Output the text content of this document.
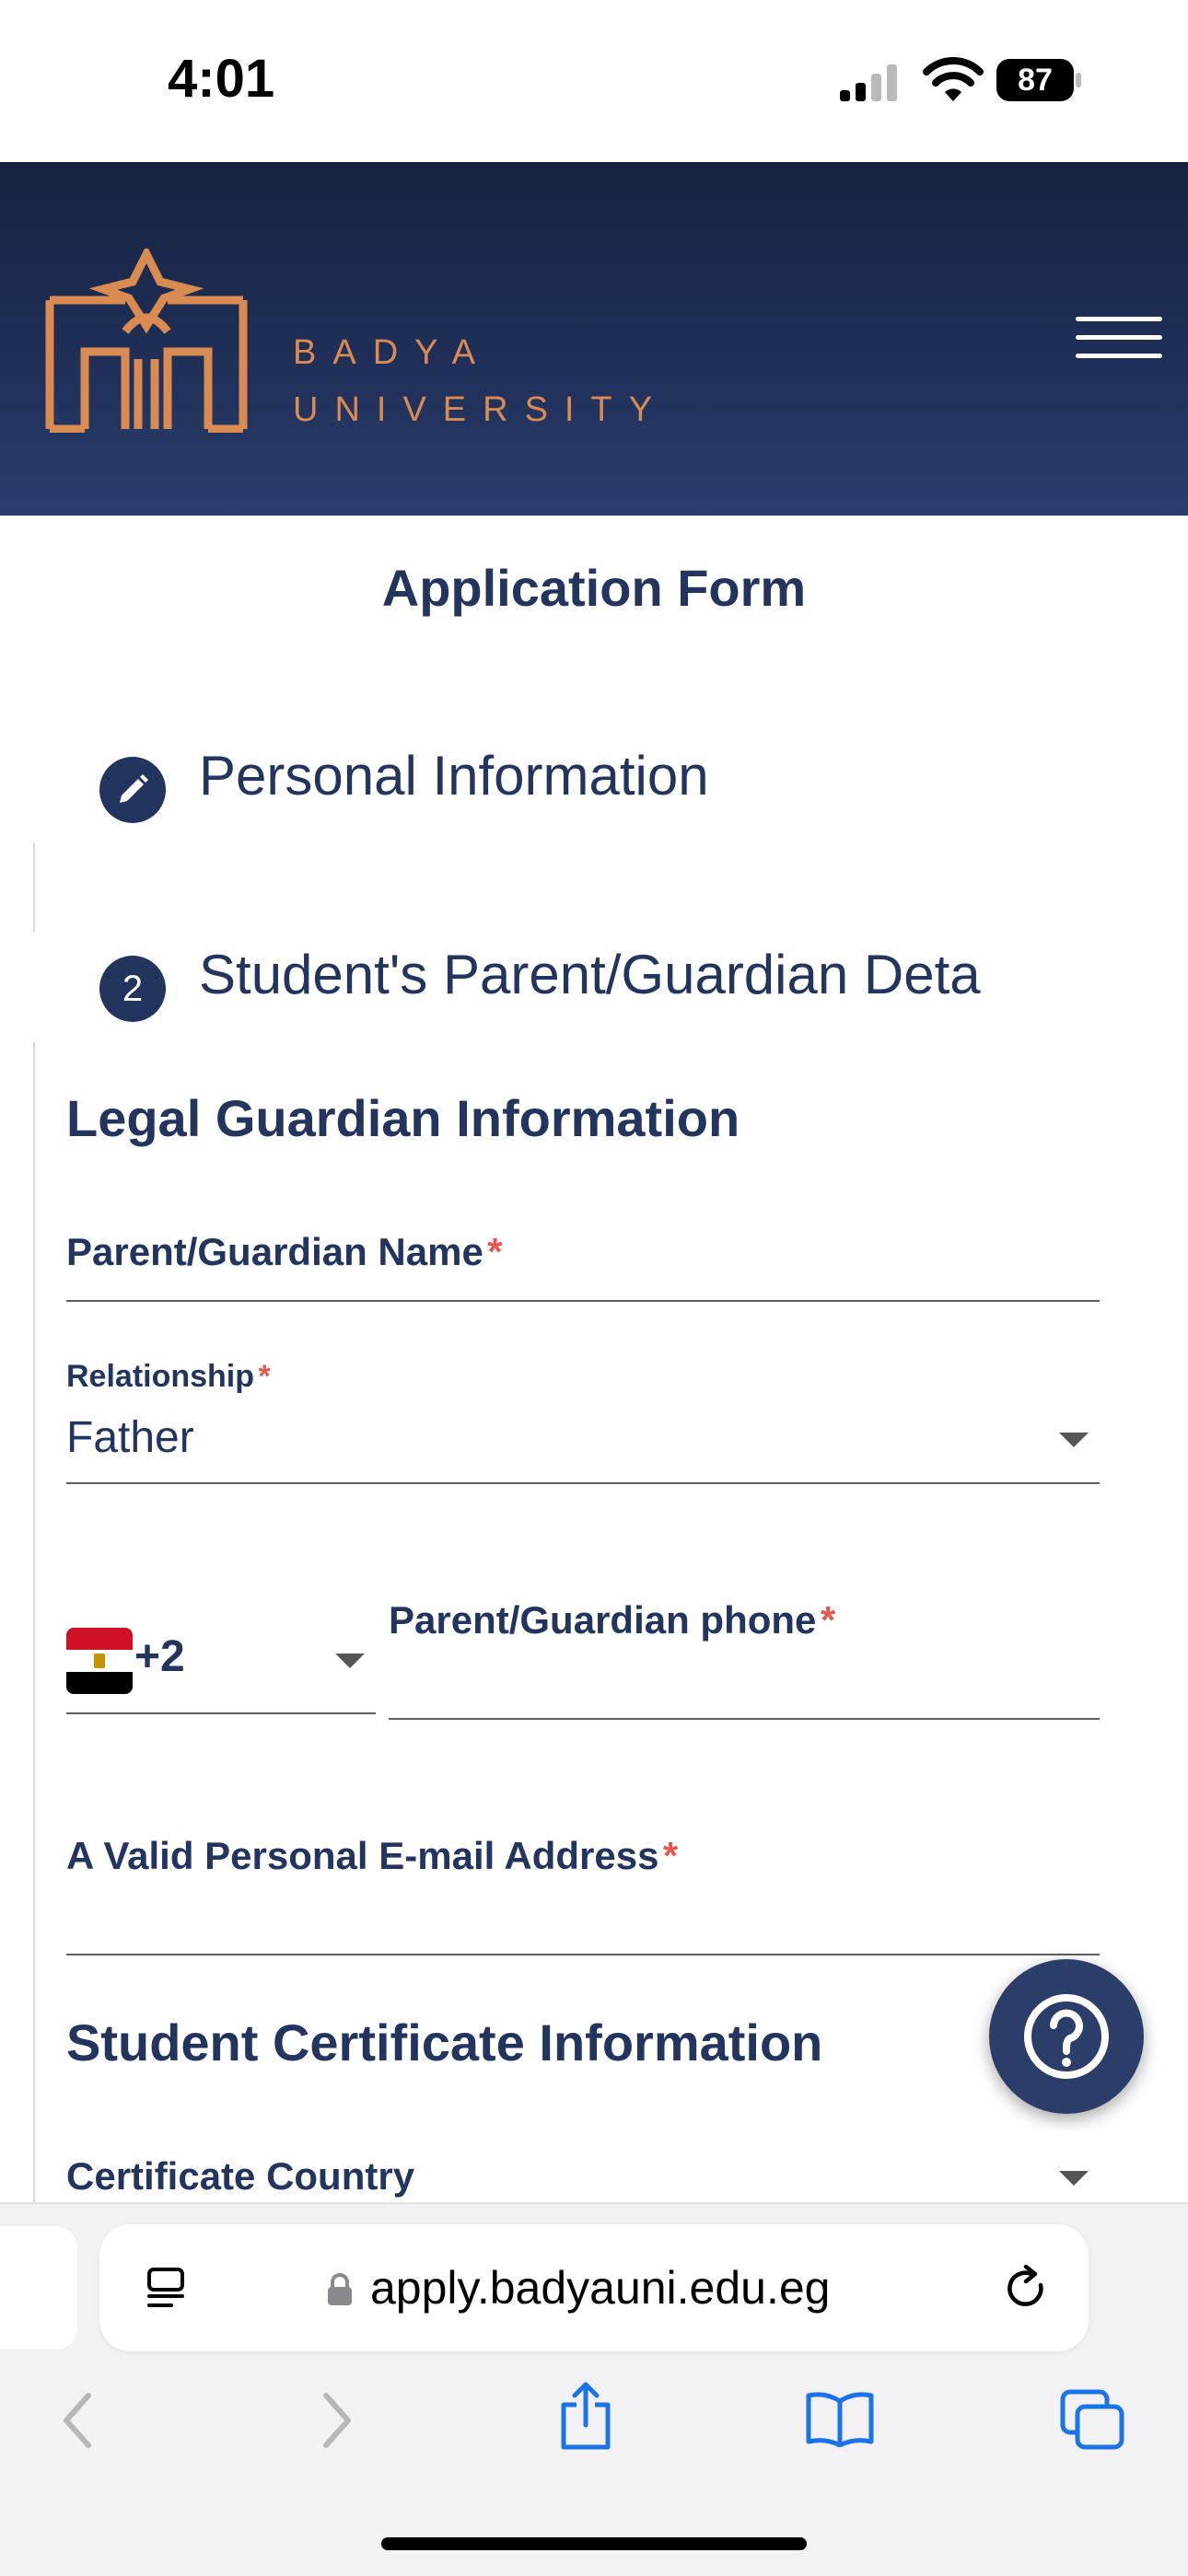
4:01	87
BADYA
UNIVERSITY
Application Form
Personal Information
2	Student's Parent/Guardian Deta
Legal Guardian Information
Parent/Guardian Name *
Relationship *
Father
+2
Parent/Guardian phone *
A Valid Personal E-mail Address *
Student Certificate Information
Certificate Country
apply.badyauni.edu.eg
